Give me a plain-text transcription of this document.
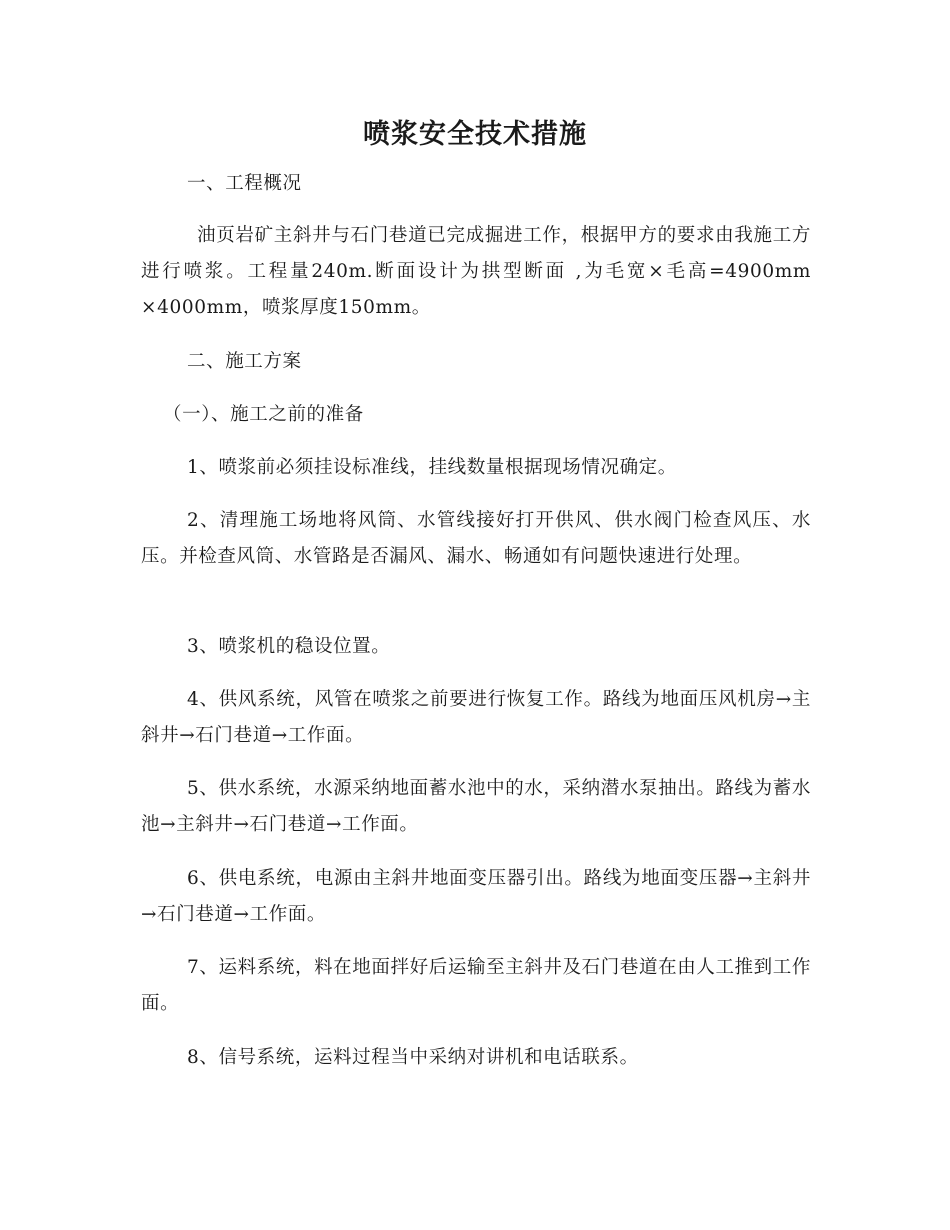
喷浆安全技术措施

一、工程概况

油页岩矿主斜井与石门巷道已完成掘进工作，根据甲方的要求由我施工方进行喷浆。工程量240m.断面设计为拱型断面 ,为毛宽×毛高=4900mm ×4000mm，喷浆厚度150mm。

二、施工方案

（一）、施工之前的准备

1、喷浆前必须挂设标准线，挂线数量根据现场情况确定。

2、清理施工场地将风筒、水管线接好打开供风、供水阀门检查风压、水压。并检查风筒、水管路是否漏风、漏水、畅通如有问题快速进行处理。

3、喷浆机的稳设位置。

4、供风系统，风管在喷浆之前要进行恢复工作。路线为地面压风机房→主斜井→石门巷道→工作面。

5、供水系统，水源采纳地面蓄水池中的水，采纳潜水泵抽出。路线为蓄水池→主斜井→石门巷道→工作面。

6、供电系统，电源由主斜井地面变压器引出。路线为地面变压器→主斜井→石门巷道→工作面。

7、运料系统，料在地面拌好后运输至主斜井及石门巷道在由人工推到工作面。

8、信号系统，运料过程当中采纳对讲机和电话联系。
